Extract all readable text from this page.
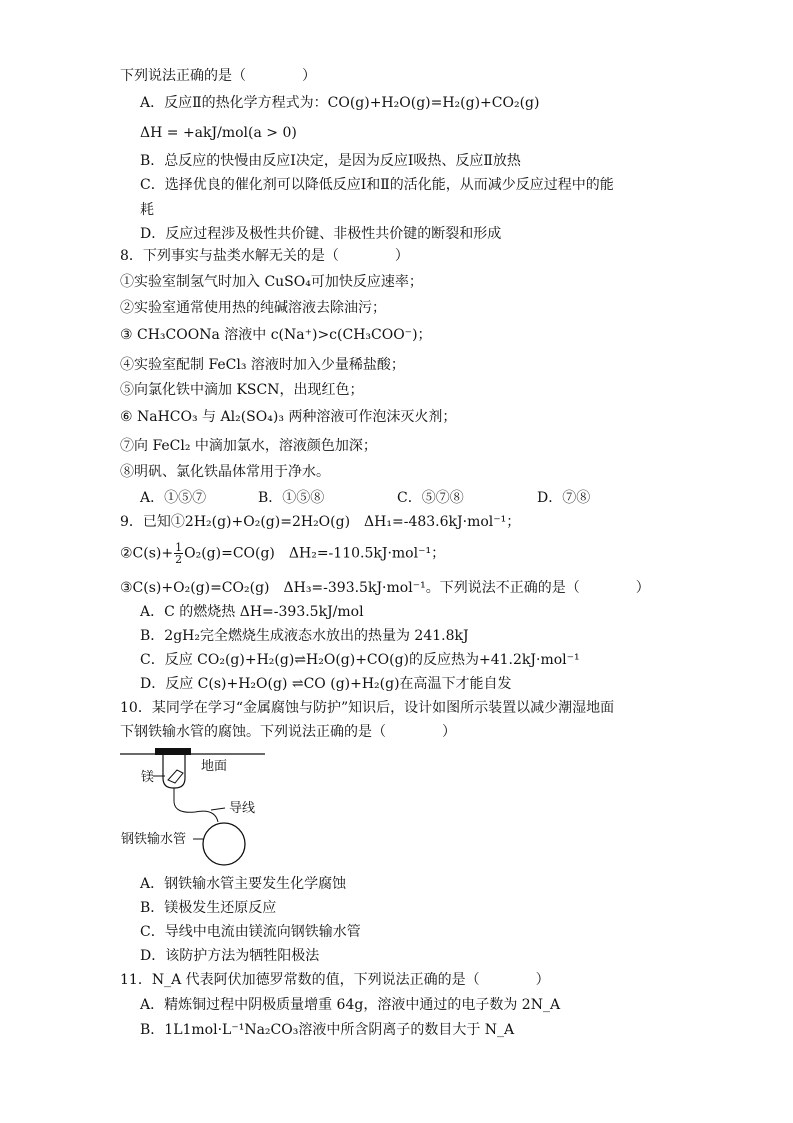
下列说法正确的是（　　　　）
A．反应Ⅱ的热化学方程式为：CO(g)+H₂O(g)=H₂(g)+CO₂(g)
ΔH = +akJ/mol(a > 0)
B．总反应的快慢由反应Ⅰ决定，是因为反应Ⅰ吸热、反应Ⅱ放热
C．选择优良的催化剂可以降低反应Ⅰ和Ⅱ的活化能，从而减少反应过程中的能
耗
D．反应过程涉及极性共价键、非极性共价键的断裂和形成
8．下列事实与盐类水解无关的是（　　　　）
①实验室制氢气时加入 CuSO₄可加快反应速率；
②实验室通常使用热的纯碱溶液去除油污；
③ CH₃COONa 溶液中 c(Na⁺)>c(CH₃COO⁻)；
④实验室配制 FeCl₃ 溶液时加入少量稀盐酸；
⑤向氯化铁中滴加 KSCN，出现红色；
⑥ NaHCO₃ 与 Al₂(SO₄)₃ 两种溶液可作泡沫灭火剂；
⑦向 FeCl₂ 中滴加氯水，溶液颜色加深；
⑧明矾、氯化铁晶体常用于净水。
A．①⑤⑦	B．①⑤⑧	C．⑤⑦⑧	D．⑦⑧
9．已知①2H₂(g)+O₂(g)=2H₂O(g)　ΔH₁=-483.6kJ·mol⁻¹；
②C(s)+ $\frac{1}{2} O_2(g)=CO(g)$　ΔH₂=-110.5kJ·mol⁻¹；
③C(s)+O₂(g)=CO₂(g)　ΔH₃=-393.5kJ·mol⁻¹。下列说法不正确的是（　　　　）
A．C 的燃烧热 ΔH=-393.5kJ/mol
B．2gH₂完全燃烧生成液态水放出的热量为 241.8kJ
C．反应 CO₂(g)+H₂(g)⇌H₂O(g)+CO(g)的反应热为+41.2kJ·mol⁻¹
D．反应 C(s)+H₂O(g) ⇌CO (g)+H₂(g)在高温下才能自发
10．某同学在学习“金属腐蚀与防护”知识后，设计如图所示装置以减少潮湿地面
下钢铁输水管的腐蚀。下列说法正确的是（　　　　）
镁
地面
导线
钢铁输水管
A．钢铁输水管主要发生化学腐蚀
B．镁极发生还原反应
C．导线中电流由镁流向钢铁输水管
D．该防护方法为牺牲阳极法
11．N_A 代表阿伏加德罗常数的值，下列说法正确的是（　　　　）
A．精炼铜过程中阴极质量增重 64g，溶液中通过的电子数为 2N_A
B．1L1mol·L⁻¹Na₂CO₃溶液中所含阴离子的数目大于 N_A
